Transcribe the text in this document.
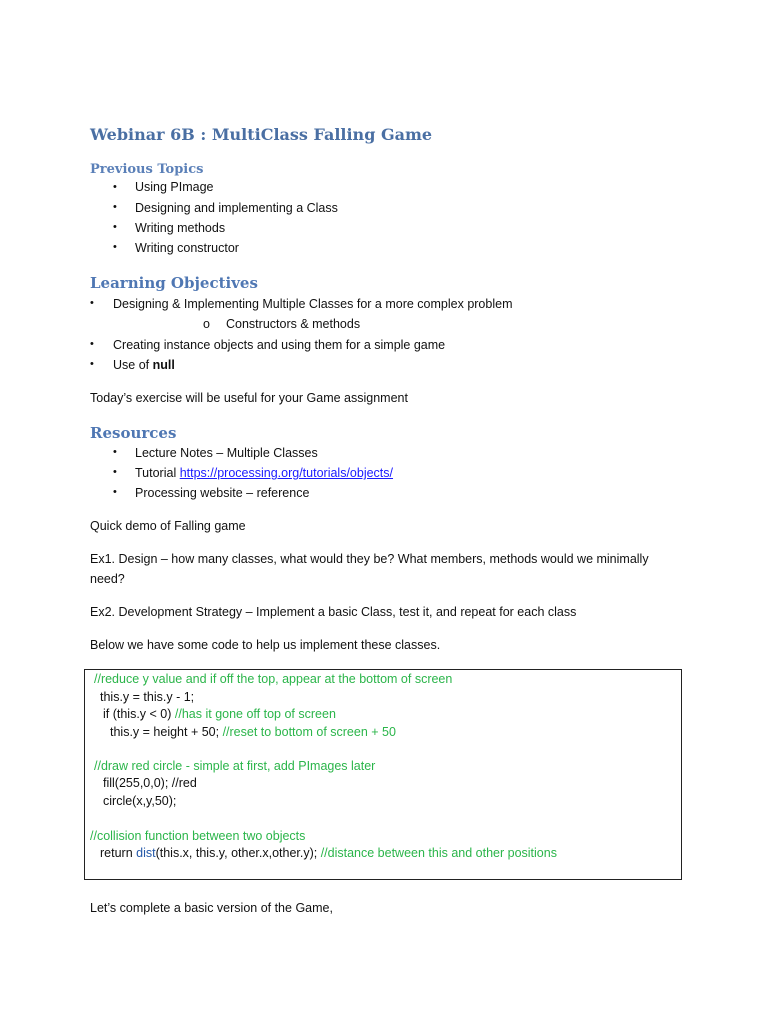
Webinar 6B : MultiClass Falling Game
Previous Topics
• Using PImage
• Designing and implementing a Class
• Writing methods
• Writing constructor
Learning Objectives
• Designing & Implementing Multiple Classes for a more complex problem
o Constructors & methods
• Creating instance objects and using them for a simple game
• Use of null
Today’s exercise will be useful for your Game assignment
Resources
• Lecture Notes – Multiple Classes
• Tutorial https://processing.org/tutorials/objects/
• Processing website – reference
Quick demo of Falling game
Ex1. Design – how many classes, what would they be? What members, methods would we minimally
need?
Ex2. Development Strategy – Implement a basic Class, test it, and repeat for each class
Below we have some code to help us implement these classes.
//reduce y value and if off the top, appear at the bottom of screen
this.y = this.y - 1;
if (this.y < 0) //has it gone off top of screen
this.y = height + 50; //reset to bottom of screen + 50
//draw red circle - simple at first, add PImages later
fill(255,0,0); //red
circle(x,y,50);
//collision function between two objects
return dist(this.x, this.y, other.x,other.y); //distance between this and other positions
Let’s complete a basic version of the Game,
